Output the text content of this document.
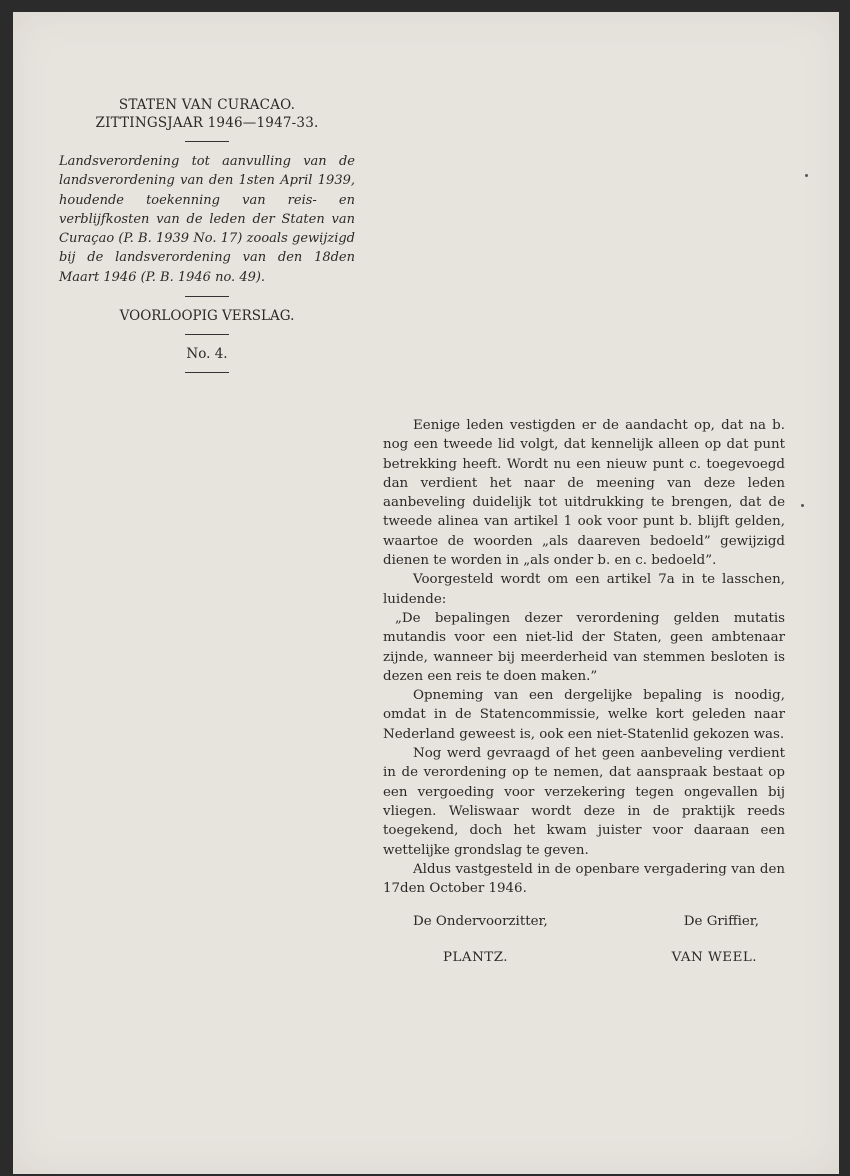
STATEN VAN CURACAO.
ZITTINGSJAAR 1946—1947-33.
Landsverordening tot aanvulling van de landsverordening van den 1sten April 1939, houdende toekenning van reis- en verblijfkosten van de leden der Staten van Curaçao (P. B. 1939 No. 17) zooals gewijzigd bij de landsverordening van den 18den Maart 1946 (P. B. 1946 no. 49).
VOORLOOPIG VERSLAG.
No. 4.

Eenige leden vestigden er de aandacht op, dat na b. nog een tweede lid volgt, dat kennelijk alleen op dat punt betrekking heeft. Wordt nu een nieuw punt c. toegevoegd dan verdient het naar de meening van deze leden aanbeveling duidelijk tot uitdrukking te brengen, dat de tweede alinea van artikel 1 ook voor punt b. blijft gelden, waartoe de woorden „als daareven bedoeld” gewijzigd dienen te worden in „als onder b. en c. bedoeld”.

Voorgesteld wordt om een artikel 7a in te lasschen, luidende:

„De bepalingen dezer verordening gelden mutatis mutandis voor een niet-lid der Staten, geen ambtenaar zijnde, wanneer bij meerderheid van stemmen besloten is dezen een reis te doen maken.”

Opneming van een dergelijke bepaling is noodig, omdat in de Statencommissie, welke kort geleden naar Nederland geweest is, ook een niet-Statenlid gekozen was.

Nog werd gevraagd of het geen aanbeveling verdient in de verordening op te nemen, dat aanspraak bestaat op een vergoeding voor verzekering tegen ongevallen bij vliegen. Weliswaar wordt deze in de praktijk reeds toegekend, doch het kwam juister voor daaraan een wettelijke grondslag te geven.

Aldus vastgesteld in de openbare vergadering van den 17den October 1946.

De Ondervoorzitter,	De Griffier,
PLANTZ.	VAN WEEL.
